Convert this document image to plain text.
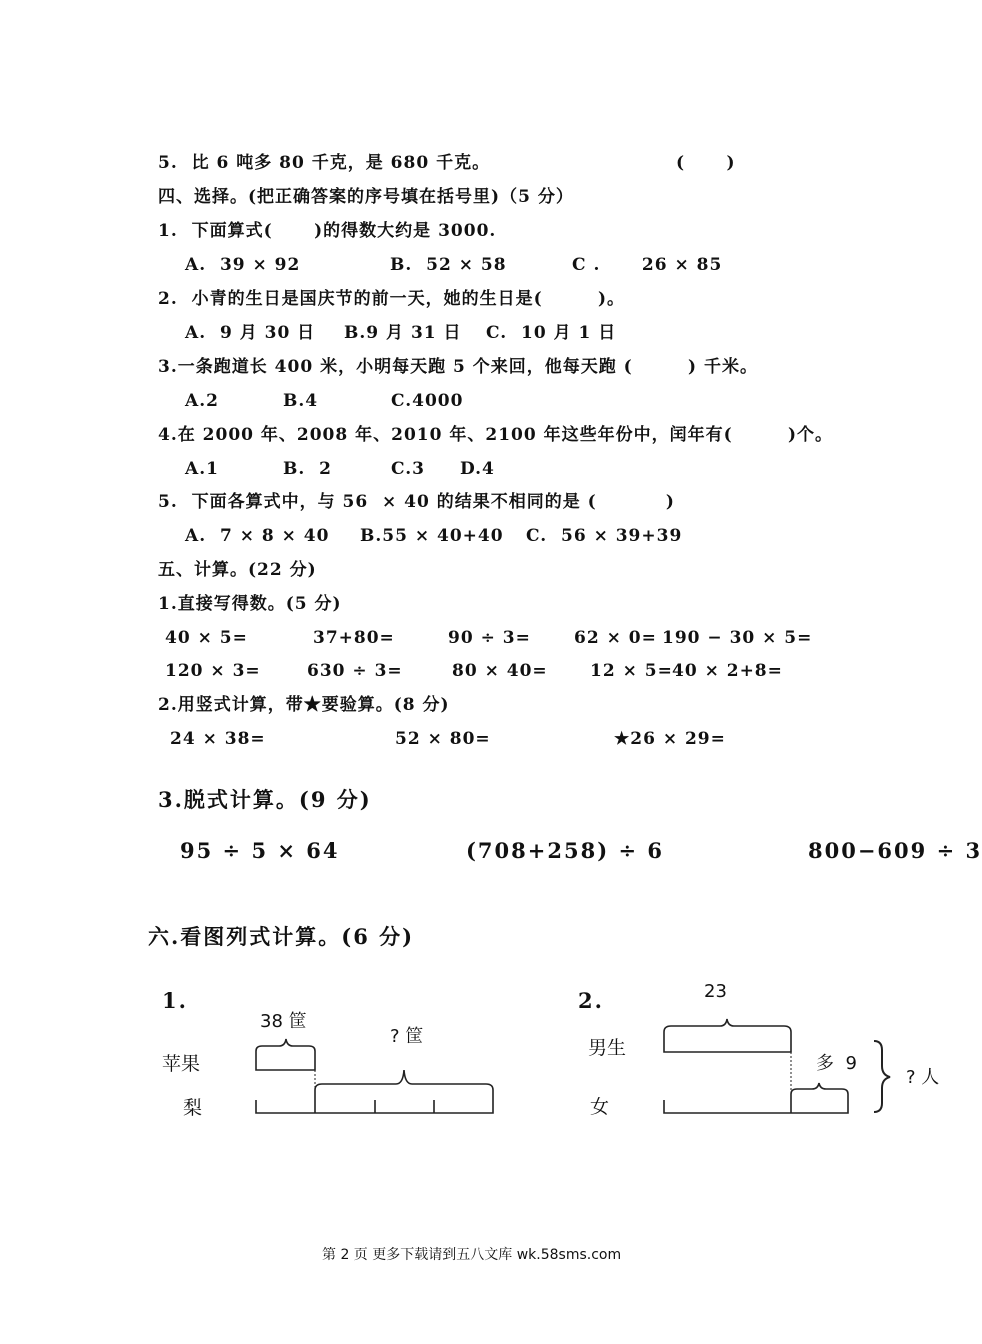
5.  比 6 吨多 80 千克，是 680 千克。	(      )
四、选择。(把正确答案的序号填在括号里)（5 分）
1.  下面算式(      )的得数大约是 3000.
A.  39 × 92	B.  52 × 58	C .      26 × 85
2.  小青的生日是国庆节的前一天，她的生日是(        )。
A.  9 月 30 日 B.9 月 31 日 C.  10 月 1 日
3.一条跑道长 400 米，小明每天跑 5 个来回，他每天跑 (        ) 千米。
A.2	B.4	C.4000
4.在 2000 年、2008 年、2010 年、2100 年这些年份中，闰年有(        )个。
A.1	B.  2	C.3 D.4
5.  下面各算式中，与 56  × 40 的结果不相同的是 (          )
A.  7 × 8 × 40 B.55 × 40+40 C.  56 × 39+39
五、计算。(22 分)
1.直接写得数。(5 分)
40 × 5=	37+80=	90 ÷ 3=	62 × 0= 190 − 30 × 5=
120 × 3=	630 ÷ 3=	80 × 40= 12 × 5= 40 × 2+8=
2.用竖式计算，带★要验算。(8 分)
24 × 38=	52 × 80=	★26 × 29=
3.脱式计算。(9 分)
95 ÷ 5 × 64	(708+258) ÷ 6	800−609 ÷ 3
六.看图列式计算。(6 分)
1.
38 筐
? 筐
苹果
梨
2.	23
男生
多  9
女
? 人
第 2 页 更多下载请到五八文库 wk.58sms.com
